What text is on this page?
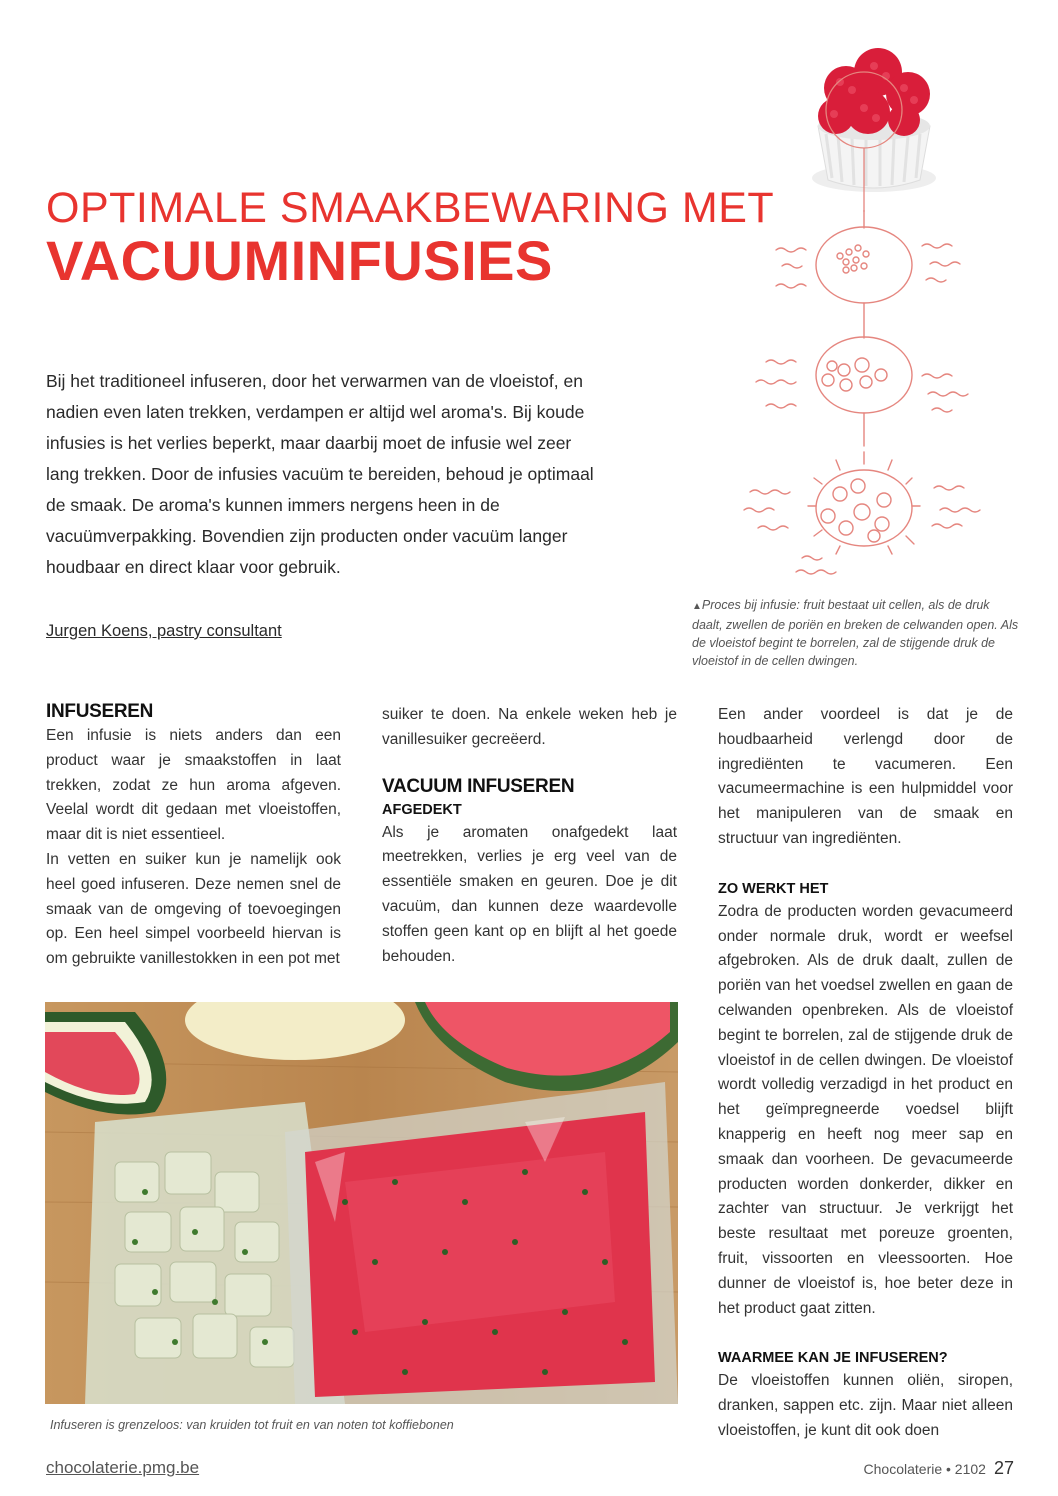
OPTIMALE SMAAKBEWARING MET
VACUUMINFUSIES
Bij het traditioneel infuseren, door het verwarmen van de vloeistof, en nadien even laten trekken, verdampen er altijd wel aroma's. Bij koude infusies is het verlies beperkt, maar daarbij moet de infusie wel zeer lang trekken. Door de infusies vacuüm te bereiden, behoud je optimaal de smaak. De aroma's kunnen immers nergens heen in de vacuümverpakking. Bovendien zijn producten onder vacuüm langer houdbaar en direct klaar voor gebruik.
Jurgen Koens, pastry consultant
▲Proces bij infusie: fruit bestaat uit cellen, als de druk daalt, zwellen de poriën en breken de celwanden open. Als de vloeistof begint te borrelen, zal de stijgende druk de vloeistof in de cellen dwingen.
INFUSEREN

Een infusie is niets anders dan een product waar je smaakstoffen in laat trekken, zodat ze hun aroma afgeven. Veelal wordt dit gedaan met vloeistoffen, maar dit is niet essentieel.

In vetten en suiker kun je namelijk ook heel goed infuseren. Deze nemen snel de smaak van de omgeving of toevoegingen op. Een heel simpel voorbeeld hiervan is om gebruikte vanillestokken in een pot met

suiker te doen. Na enkele weken heb je vanillesuiker gecreëerd.

VACUUM INFUSEREN
AFGEDEKT

Als je aromaten onafgedekt laat meetrekken, verlies je erg veel van de essentiële smaken en geuren. Doe je dit vacuüm, dan kunnen deze waardevolle stoffen geen kant op en blijft al het goede behouden.

Een ander voordeel is dat je de houdbaarheid verlengd door de ingrediënten te vacumeren. Een vacumeermachine is een hulpmiddel voor het manipuleren van de smaak en structuur van ingrediënten.

ZO WERKT HET

Zodra de producten worden gevacumeerd onder normale druk, wordt er weefsel afgebroken. Als de druk daalt, zullen de poriën van het voedsel zwellen en gaan de celwanden openbreken. Als de vloeistof begint te borrelen, zal de stijgende druk de vloeistof in de cellen dwingen. De vloeistof wordt volledig verzadigd in het product en het geïmpregneerde voedsel blijft knapperig en heeft nog meer sap en smaak dan voorheen. De gevacumeerde producten worden donkerder, dikker en zachter van structuur. Je verkrijgt het beste resultaat met poreuze groenten, fruit, vissoorten en vleessoorten. Hoe dunner de vloeistof is, hoe beter deze in het product gaat zitten.

WAARMEE KAN JE INFUSEREN?

De vloeistoffen kunnen oliën, siropen, dranken, sappen etc. zijn. Maar niet alleen vloeistoffen, je kunt dit ook doen

Infuseren is grenzeloos: van kruiden tot fruit en van noten tot koffiebonen
chocolaterie.pmg.be	Chocolaterie • 2102 27
